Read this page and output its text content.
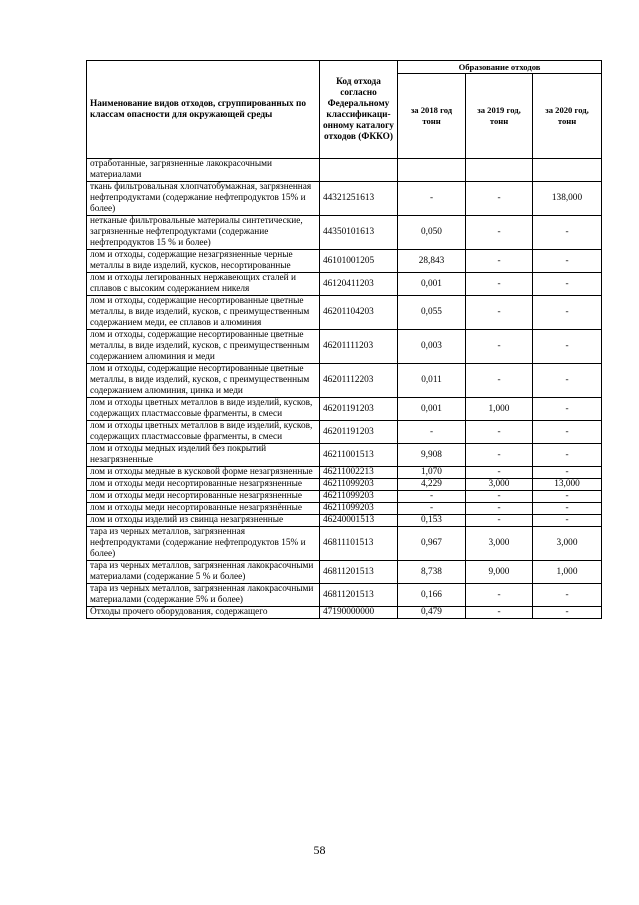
Наименование видов отходов, сгруппированных по классам опасности для окружающей среды	Код отхода согласно Федеральному классификаци-онному каталогу отходов (ФККО)	Образование отходов		
		за 2018 год тонн	за 2019 год, тонн	за 2020 год, тонн
отработанные, загрязненные лакокрасочными материалами				
ткань фильтровальная хлопчатобумажная, загрязненная нефтепродуктами (содержание нефтепродуктов 15% и более)	44321251613	-	-	138,000
нетканые фильтровальные материалы синтетические, загрязненные нефтепродуктами (содержание нефтепродуктов 15 % и более)	44350101613	0,050	-	-
лом и отходы, содержащие незагрязненные черные металлы в виде изделий, кусков, несортированные	46101001205	28,843	-	-
лом и отходы легированных нержавеющих сталей и сплавов с высоким содержанием никеля	46120411203	0,001	-	-
лом и отходы, содержащие несортированные цветные металлы, в виде изделий, кусков, с преимущественным содержанием меди, ее сплавов и алюминия	46201104203	0,055	-	-
лом и отходы, содержащие несортированные цветные металлы, в виде изделий, кусков, с преимущественным содержанием алюминия и меди	46201111203	0,003	-	-
лом и отходы, содержащие несортированные цветные металлы, в виде изделий, кусков, с преимущественным содержанием алюминия, цинка и меди	46201112203	0,011	-	-
лом и отходы цветных металлов в виде изделий, кусков, содержащих пластмассовые фрагменты, в смеси	46201191203	0,001	1,000	-
лом и отходы цветных металлов в виде изделий, кусков, содержащих пластмассовые фрагменты, в смеси	46201191203	-	-	-
лом и отходы медных изделий без покрытий незагрязненные	46211001513	9,908	-	-
лом и отходы медные в кусковой форме незагрязненные	46211002213	1,070	-	-
лом и отходы меди несортированные незагрязненные	46211099203	4,229	3,000	13,000
лом и отходы меди несортированные незагрязненные	46211099203	-	-	-
лом и отходы меди несортированные незагрязнённые	46211099203	-	-	-
лом и отходы изделий из свинца незагрязненные	46240001513	0,153	-	-
тара из черных металлов, загрязненная нефтепродуктами (содержание нефтепродуктов 15% и более)	46811101513	0,967	3,000	3,000
тара из черных металлов, загрязненная лакокрасочными материалами (содержание 5 % и более)	46811201513	8,738	9,000	1,000
тара из черных металлов, загрязненная лакокрасочными материалами (содержание 5% и более)	46811201513	0,166	-	-
Отходы прочего оборудования, содержащего	47190000000	0,479	-	-
58
